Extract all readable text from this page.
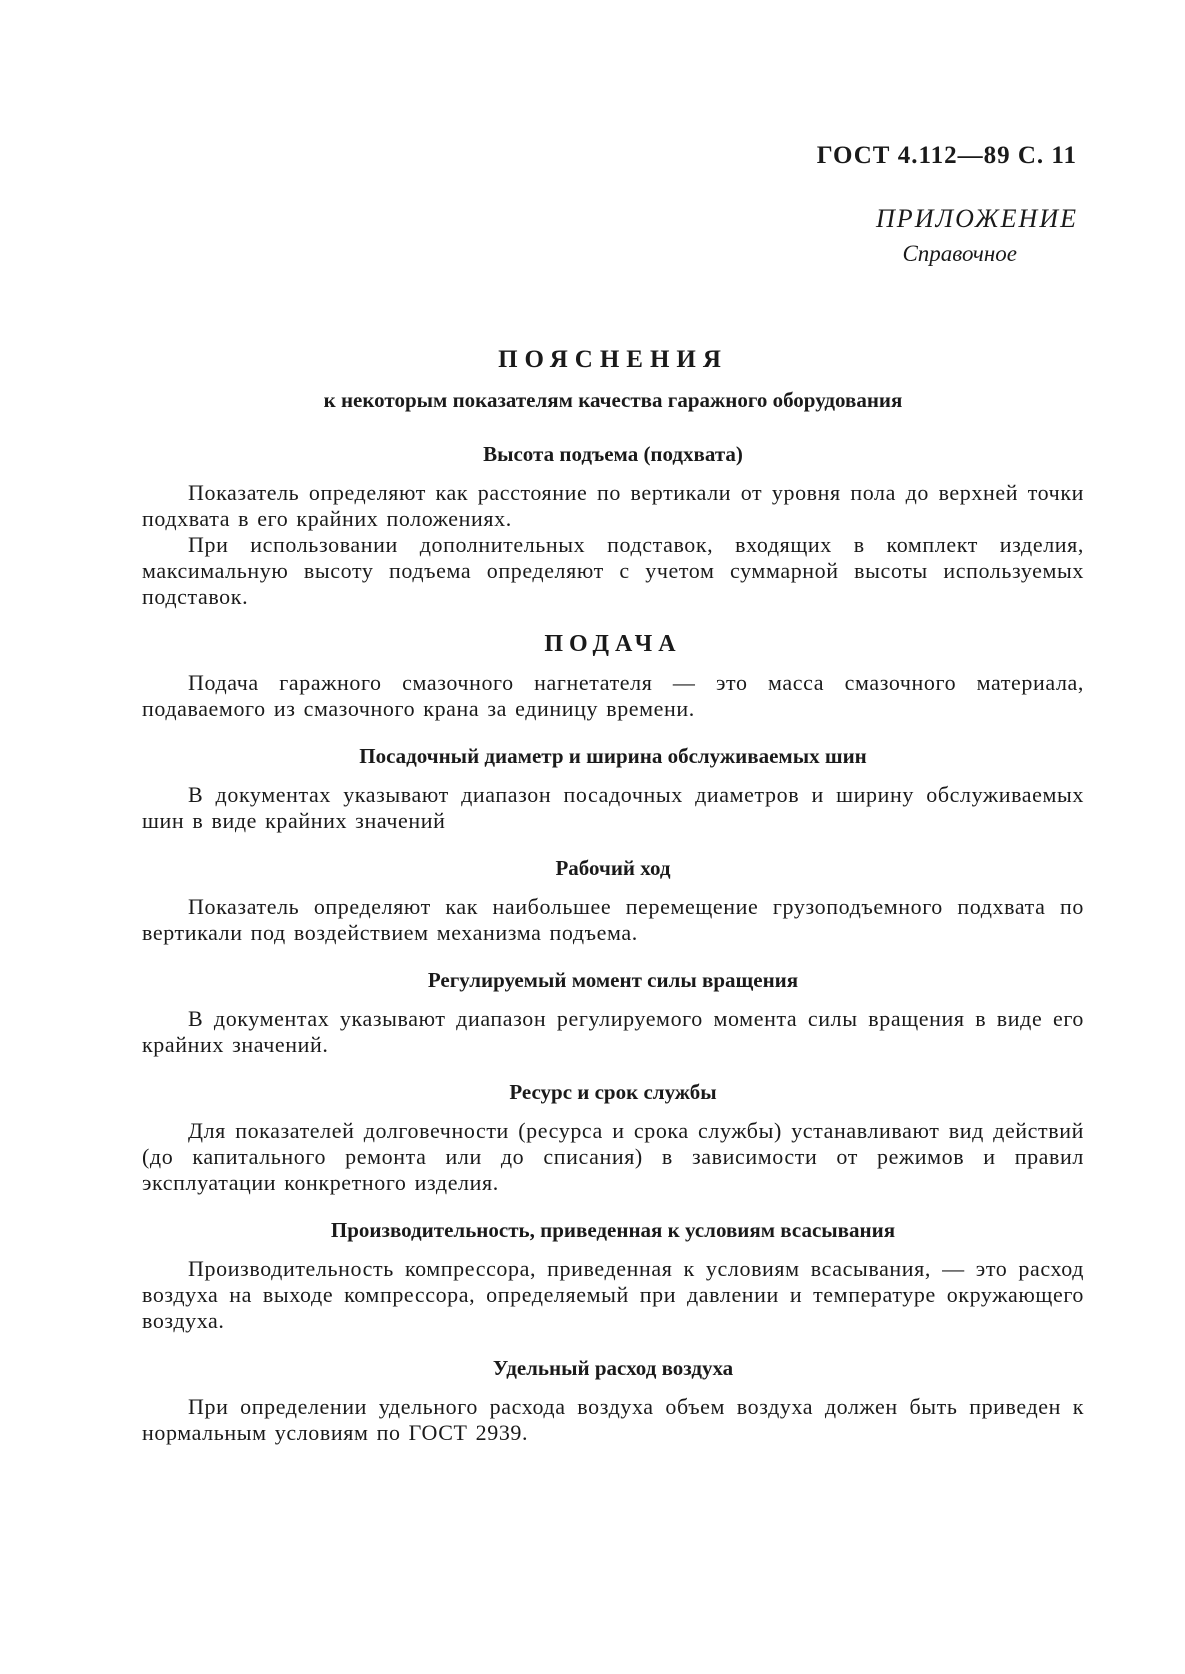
ГОСТ 4.112—89 С. 11
ПРИЛОЖЕНИЕ
Справочное
ПОЯСНЕНИЯ
к некоторым показателям качества гаражного оборудования
Высота подъема (подхвата)

Показатель определяют как расстояние по вертикали от уровня пола до верхней точки подхвата в его крайних положениях.

При использовании дополнительных подставок, входящих в комплект изделия, максимальную высоту подъема определяют с учетом суммарной высоты используемых подставок.

ПОДАЧА

Подача гаражного смазочного нагнетателя — это масса смазочного материала, подаваемого из смазочного крана за единицу времени.

Посадочный диаметр и ширина обслуживаемых шин

В документах указывают диапазон посадочных диаметров и ширину обслуживаемых шин в виде крайних значений

Рабочий ход

Показатель определяют как наибольшее перемещение грузоподъемного подхвата по вертикали под воздействием механизма подъема.

Регулируемый момент силы вращения

В документах указывают диапазон регулируемого момента силы вращения в виде его крайних значений.

Ресурс и срок службы

Для показателей долговечности (ресурса и срока службы) устанавливают вид действий (до капитального ремонта или до списания) в зависимости от режимов и правил эксплуатации конкретного изделия.

Производительность, приведенная к условиям всасывания

Производительность компрессора, приведенная к условиям всасывания, — это расход воздуха на выходе компрессора, определяемый при давлении и температуре окружающего воздуха.

Удельный расход воздуха

При определении удельного расхода воздуха объем воздуха должен быть приведен к нормальным условиям по ГОСТ 2939.
